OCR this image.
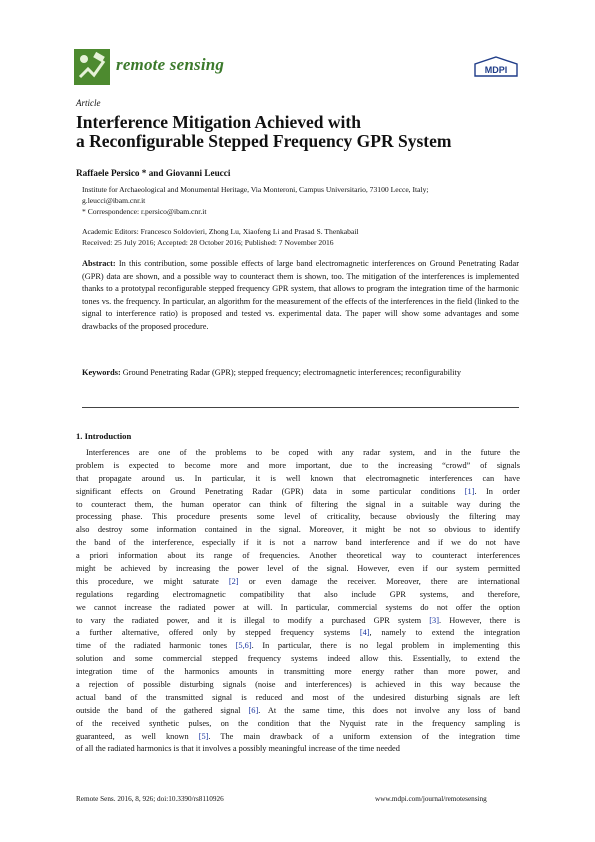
remote sensing	MDPI
Article
Interference Mitigation Achieved with
a Reconfigurable Stepped Frequency GPR System
Raffaele Persico * and Giovanni Leucci
Institute for Archaeological and Monumental Heritage, Via Monteroni, Campus Universitario, 73100 Lecce, Italy;
g.leucci@ibam.cnr.it
* Correspondence: r.persico@ibam.cnr.it
Academic Editors: Francesco Soldovieri, Zhong Lu, Xiaofeng Li and Prasad S. Thenkabail
Received: 25 July 2016; Accepted: 28 October 2016; Published: 7 November 2016
Abstract: In this contribution, some possible effects of large band electromagnetic interferences on Ground Penetrating Radar (GPR) data are shown, and a possible way to counteract them is shown, too. The mitigation of the interferences is implemented thanks to a prototypal reconfigurable stepped frequency GPR system, that allows to program the integration time of the harmonic tones vs. the frequency. In particular, an algorithm for the measurement of the effects of the interferences in the field (linked to the signal to interference ratio) is proposed and tested vs. experimental data. The paper will show some advantages and some drawbacks of the proposed procedure.
Keywords: Ground Penetrating Radar (GPR); stepped frequency; electromagnetic interferences; reconfigurability
1. Introduction
Interferences are one of the problems to be coped with any radar system, and in the future the
problem is expected to become more and more important, due to the increasing “crowd” of signals
that propagate around us. In particular, it is well known that electromagnetic interferences can have
significant effects on Ground Penetrating Radar (GPR) data in some particular conditions [1]. In order
to counteract them, the human operator can think of filtering the signal in a suitable way during the
processing phase. This procedure presents some level of criticality, because obviously the filtering may
also destroy some information contained in the signal. Moreover, it might be not so obvious to identify
the band of the interference, especially if it is not a narrow band interference and if we do not have
a priori information about its range of frequencies. Another theoretical way to counteract interferences
might be achieved by increasing the power level of the signal. However, even if our system permitted
this procedure, we might saturate [2] or even damage the receiver. Moreover, there are international
regulations regarding electromagnetic compatibility that also include GPR systems, and therefore,
we cannot increase the radiated power at will. In particular, commercial systems do not offer the option
to vary the radiated power, and it is illegal to modify a purchased GPR system [3]. However, there is
a further alternative, offered only by stepped frequency systems [4], namely to extend the integration
time of the radiated harmonic tones [5,6]. In particular, there is no legal problem in implementing this
solution and some commercial stepped frequency systems indeed allow this. Essentially, to extend the
integration time of the harmonics amounts in transmitting more energy rather than more power, and
a rejection of possible disturbing signals (noise and interferences) is achieved in this way because the
actual band of the transmitted signal is reduced and most of the undesired disturbing signals are left
outside the band of the gathered signal [6]. At the same time, this does not involve any loss of band
of the received synthetic pulses, on the condition that the Nyquist rate in the frequency sampling is
guaranteed, as well known [5]. The main drawback of a uniform extension of the integration time
of all the radiated harmonics is that it involves a possibly meaningful increase of the time needed
Remote Sens. 2016, 8, 926; doi:10.3390/rs8110926	www.mdpi.com/journal/remotesensing
